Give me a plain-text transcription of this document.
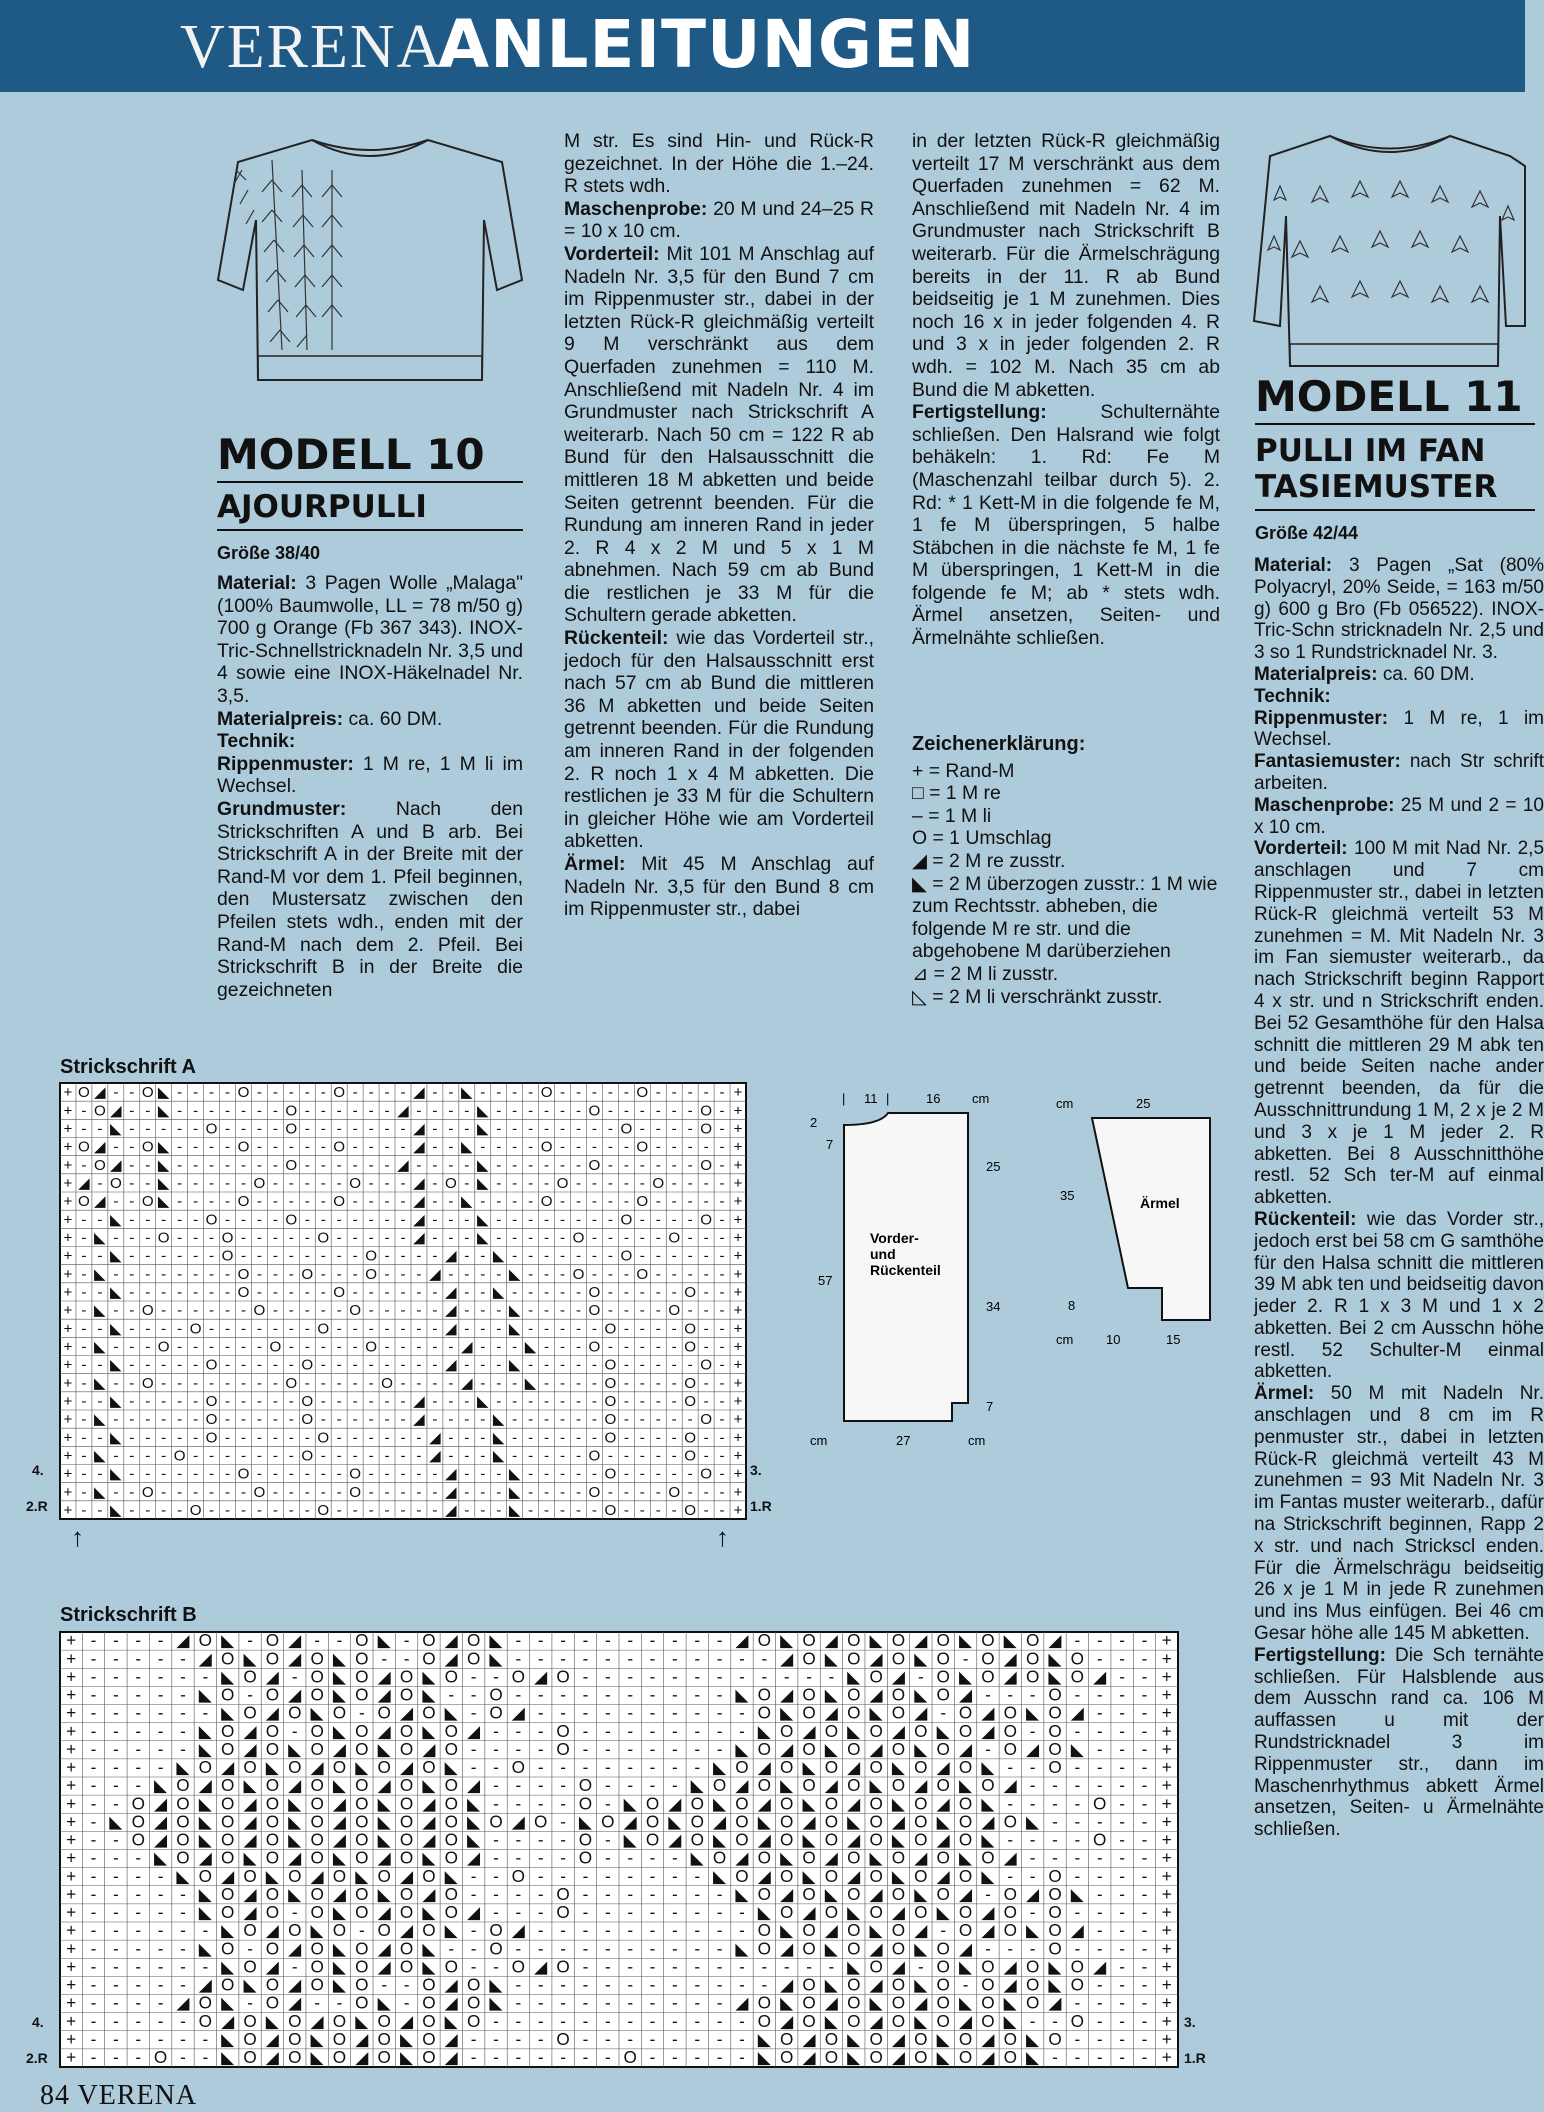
VERENA
ANLEITUNGEN
MODELL 10
AJOURPULLI
Größe 38/40

Material: 3 Pagen Wolle „Malaga" (100% Baumwolle, LL = 78 m/50 g) 700 g Orange (Fb 367 343). INOX-Tric-Schnellstricknadeln Nr. 3,5 und 4 sowie eine INOX-Häkelnadel Nr. 3,5.

Materialpreis: ca. 60 DM.

Technik:

Rippenmuster: 1 M re, 1 M li im Wechsel.

Grundmuster:	Nach den Strickschriften A und B arb. Bei Strickschrift A in der Breite mit der Rand-M vor dem 1. Pfeil beginnen, den Mustersatz zwischen den Pfeilen stets wdh., enden mit der Rand-M nach dem 2. Pfeil. Bei Strickschrift B in der Breite die gezeichneten

M str. Es sind Hin- und Rück-R gezeichnet. In der Höhe die 1.–24. R stets wdh.

Maschenprobe: 20 M und 24–25 R = 10 x 10 cm.

Vorderteil: Mit 101 M Anschlag auf Nadeln Nr. 3,5 für den Bund 7 cm im Rippenmuster str., dabei in der letzten Rück-R gleichmäßig verteilt 9 M verschränkt aus dem Querfaden zunehmen = 110 M. Anschließend mit Nadeln Nr. 4 im Grundmuster nach Strickschrift A weiterarb. Nach 50 cm = 122 R ab Bund für den Halsausschnitt die mittleren 18 M abketten und beide Seiten getrennt beenden. Für die Rundung am inneren Rand in jeder 2. R 4 x 2 M und 5 x 1 M abnehmen. Nach 59 cm ab Bund die restlichen je 33 M für die Schultern gerade abketten.

Rückenteil: wie das Vorderteil str., jedoch für den Halsausschnitt erst nach 57 cm ab Bund die mittleren 36 M abketten und beide Seiten getrennt beenden. Für die Rundung am inneren Rand in der folgenden 2. R noch 1 x 4 M abketten. Die restlichen je 33 M für die Schultern in gleicher Höhe wie am Vorderteil abketten.

Ärmel: Mit 45 M Anschlag auf Nadeln Nr. 3,5 für den Bund 8 cm im Rippenmuster str., dabei

in der letzten Rück-R gleichmäßig verteilt 17 M verschränkt aus dem Querfaden zunehmen = 62 M. Anschließend mit Nadeln Nr. 4 im Grundmuster nach Strickschrift B weiterarb. Für die Ärmelschrägung bereits in der 11. R ab Bund beidseitig je 1 M zunehmen. Dies noch 16 x in jeder folgenden 4. R und 3 x in jeder folgenden 2. R wdh. = 102 M. Nach 35 cm ab Bund die M abketten.

Fertigstellung:	Schulternähte schließen. Den Halsrand wie folgt behäkeln: 1. Rd: Fe M (Maschenzahl teilbar durch 5). 2. Rd: * 1 Kett-M in die folgende fe M, 1 fe M überspringen, 5 halbe Stäbchen in die nächste fe M, 1 fe M überspringen, 1 Kett-M in die folgende fe M; ab * stets wdh. Ärmel ansetzen, Seiten- und Ärmelnähte schließen.

Zeichenerklärung:
+ = Rand-M
□ = 1 M re
– = 1 M li
O = 1 Umschlag
◢ = 2 M re zusstr.
◣ = 2 M überzogen zusstr.: 1 M wie zum Rechtsstr. abheben, die folgende M re str. und die abgehobene M darüberziehen
⊿ = 2 M li zusstr.
◺ = 2 M li verschränkt zusstr.
MODELL 11
PULLI IM FAN
TASIEMUSTER
Größe 42/44

Material: 3 Pagen „Sat (80% Polyacryl, 20% Seide, = 163 m/50 g) 600 g Bro (Fb 056522). INOX-Tric-Schn stricknadeln Nr. 2,5 und 3 so 1 Rundstricknadel Nr. 3.

Materialpreis: ca. 60 DM.

Technik:

Rippenmuster: 1 M re, 1 im Wechsel.

Fantasiemuster: nach Str schrift arbeiten.

Maschenprobe: 25 M und 2 = 10 x 10 cm.

Vorderteil: 100 M mit Nad Nr. 2,5 anschlagen und 7 cm Rippenmuster str., dabei in letzten Rück-R gleichmä verteilt 53 M zunehmen = M. Mit Nadeln Nr. 3 im Fan siemuster weiterarb., da nach Strickschrift beginn Rapport 4 x str. und n Strickschrift enden. Bei 52 Gesamthöhe für den Halsa schnitt die mittleren 29 M abk ten und beide Seiten nache ander getrennt beenden, da für die Ausschnittrundung 1 M, 2 x je 2 M und 3 x je 1 M jeder 2. R abketten. Bei 8 Ausschnitthöhe restl. 52 Sch ter-M auf einmal abketten.

Rückenteil: wie das Vorder str., jedoch erst bei 58 cm G samthöhe für den Halsa schnitt die mittleren 39 M abk ten und beidseitig davon jeder 2. R 1 x 3 M und 1 x 2 abketten. Bei 2 cm Ausschn höhe restl. 52 Schulter-M einmal abketten.

Ärmel: 50 M mit Nadeln Nr. anschlagen und 8 cm im R penmuster str., dabei in letzten Rück-R gleichmä verteilt 43 M zunehmen = 93 Mit Nadeln Nr. 3 im Fantas muster weiterarb., dafür na Strickschrift beginnen, Rapp 2 x str. und nach Strickscl enden. Für die Ärmelschrägu beidseitig 26 x je 1 M in jede R zunehmen und ins Mus einfügen. Bei 46 cm Gesar höhe alle 145 M abketten.

Fertigstellung: Die Sch ternähte schließen. Für Halsblende aus dem Ausschn rand ca. 106 M auffassen u mit der Rundstricknadel 3 im Rippenmuster str., dann im Maschenrhythmus abkett Ärmel ansetzen, Seiten- u Ärmelnähte schließen.

Strickschrift A
+ O ◢ - - O ◣ - - - - O - - - - - O - - - - ◢ - - ◣ - - - - O - - - - - O - - - - - +
+ - O ◢ - - ◣ - - - - - - - O - - - - - - ◢ - - - - ◣ - - - - - - O - - - - - - O - +
+ - - ◣ - - - - - O - - - - O - - - - - - - ◢ - - - ◣ - - - - - - - - O - - - - O - +
+ O ◢ - - O ◣ - - - - O - - - - - O - - - - ◢ - - ◣ - - - - O - - - - - O - - - - - +
+ - O ◢ - - ◣ - - - - - - - O - - - - - - ◢ - - - - ◣ - - - - - - O - - - - - - O - +
+ ◢ - O - - ◣ - - - - - O - - - - - O - - - ◢ - O - ◣ - - - - O - - - - - O - - - - +
+ O ◢ - - O ◣ - - - - O - - - - - O - - - - ◢ - - ◣ - - - - O - - - - - O - - - - - +
+ - - ◣ - - - - - O - - - - O - - - - - - - ◢ - - - ◣ - - - - - - - - O - - - - O - +
+ - ◣ - - - O - - - O - - - - - O - - - - - ◢ - - - ◣ - - - - - O - - - - - O - - - +
+ - - ◣ - - - - - - O - - - - - - - - O - - - - ◢ - - ◣ - - - - - - - O - - - - - - +
+ - ◣ - - - - - - - - O - - - O - - - O - - - ◢ - - - - ◣ - - - O - - - O - - - - - +
+ - - ◣ - - - - - - - O - - - - - O - - - - - - ◢ - - ◣ - - - - - O - - - - - O - - +
+ - ◣ - - O - - - - - - O - - - - - O - - - - - ◢ - - - ◣ - - - - O - - - - O - - - +
+ - - ◣ - - - - O - - - - - - - O - - - - - - - ◢ - - - ◣ - - - - - O - - - - O - - +
+ - ◣ - - - O - - - - - - O - - - - - O - - - - - ◢ - - - ◣ - - - O - - - - - O - - +
+ - - ◣ - - - - - O - - - - - O - - - - - - - - ◢ - - - ◣ - - - - - O - - - - - O - +
+ - ◣ - - O - - - - - - - - O - - - - - O - - - - ◢ - - - ◣ - - - - O - - - - O - - +
+ - - ◣ - - - - - O - - - - - O - - - - - - ◢ - - - ◣ - - - - - - - O - - - - O - - +
+ - ◣ - - - - - - O - - - - - O - - - - - - ◢ - - - - ◣ - - - - - - O - - - - - O - +
+ - - ◣ - - - - - O - - - - - - O - - - - - - ◢ - - - ◣ - - - - - - O - - - - O - - +
+ - ◣ - - - - O - - - - - - - O - - - - - - - ◢ - - - ◣ - - - - - O - - - - - O - - +
+ - - ◣ - - - - - - - O - - - - - - O - - - - - ◢ - - - ◣ - - - - - O - - - - - O - +
+ - ◣ - - O - - - - - - O - - - - - O - - - - - ◢ - - - ◣ - - - - O - - - - O - - - +
+ - - ◣ - - - - O - - - - - - - O - - - - - - - ◢ - - - ◣ - - - - - O - - - - O - - +
4.
2.R
3.
1.R
↑	↑
| 11 |	16 cm
2
7
57
25
34
7
Vorder-
und
Rückenteil
cm	27	cm
cm	25
35
8
Ärmel
cm	10	15
Strickschrift B
+ - - - - ◢ O ◣ - O ◢ - - O ◣ - O ◢ O ◣ - - - - - - - - - - ◢ O ◣ O ◢ O ◣ O ◢ O ◣ O ◣ O ◢ - - - - +
+ - - - - - ◢ O ◣ O ◢ O ◣ O - - O ◢ O ◣ - - - - - - - - - - - - ◢ O ◣ O ◢ O ◣ O - O ◢ O ◣ O - - - +
+ - - - - - - ◣ O ◢ - O ◣ O ◢ O ◣ O - - O ◢ O - - - - - - - - - - - - ◣ O ◢ - O ◣ O ◢ O ◣ O ◢ - - +
+ - - - - - ◣ O - O ◢ O ◣ O ◢ O ◣ - - O - - - - - - - - - - ◣ O ◢ O ◣ O ◢ O ◣ O ◢ - - - O - - - - +
+ - - - - - - ◣ O ◢ O ◣ O - O ◢ O ◣ - O ◢ - - - - - - - - - - O ◣ O ◢ O ◣ O ◢ - O ◢ O ◣ O ◢ - - - +
+ - - - - - ◣ O ◢ O - O ◣ O ◢ O ◣ O ◢ - - - O - - - - - - - - ◣ O ◢ O ◣ O ◢ O ◣ O ◢ O - O - - - - +
+ - - - - - ◣ O ◢ O ◣ O ◢ O ◣ O ◢ O - - - - O - - - - - - - ◣ O ◢ O ◣ O ◢ O ◣ O ◢ - O ◢ O ◣ - - - +
+ - - - - ◣ O ◢ O ◣ O ◢ O ◣ O ◢ O ◣ - - O - - - - - - - - ◣ O ◢ O ◣ O ◢ O ◣ O ◢ O ◣ - - O - - - - +
+ - - - ◣ O ◢ O ◣ O ◢ O ◣ O ◢ O ◣ O ◢ - - - - O - - - - ◣ O ◢ O ◣ O ◢ O ◣ O ◢ O ◣ O ◢ - - - - - - +
+ - - O ◢ O ◣ O ◢ O ◣ O ◢ O ◣ O ◢ O ◣ - - - - O - ◣ O ◢ O ◣ O ◢ O ◣ O ◢ O ◣ O ◢ O ◣ - - - - O - - +
+ - ◣ O ◢ O ◣ O ◢ O ◣ O ◢ O ◣ O ◢ O ◣ O ◢ O - ◣ O ◢ O ◣ O ◢ O ◣ O ◢ O ◣ O ◢ O ◣ O ◢ O ◣ - - - - - +
+ - - O ◢ O ◣ O ◢ O ◣ O ◢ O ◣ O ◢ O ◣ - - - - O - ◣ O ◢ O ◣ O ◢ O ◣ O ◢ O ◣ O ◢ O ◣ - - - - O - - +
+ - - - ◣ O ◢ O ◣ O ◢ O ◣ O ◢ O ◣ O ◢ - - - - O - - - - ◣ O ◢ O ◣ O ◢ O ◣ O ◢ O ◣ O ◢ - - - - - - +
+ - - - - ◣ O ◢ O ◣ O ◢ O ◣ O ◢ O ◣ - - O - - - - - - - - ◣ O ◢ O ◣ O ◢ O ◣ O ◢ O ◣ - - O - - - - +
+ - - - - - ◣ O ◢ O ◣ O ◢ O ◣ O ◢ O - - - - O - - - - - - - ◣ O ◢ O ◣ O ◢ O ◣ O ◢ - O ◢ O ◣ - - - +
+ - - - - - ◣ O ◢ O - O ◣ O ◢ O ◣ O ◢ - - - O - - - - - - - - ◣ O ◢ O ◣ O ◢ O ◣ O ◢ O - O - - - - +
+ - - - - - - ◣ O ◢ O ◣ O - O ◢ O ◣ - O ◢ - - - - - - - - - - O ◣ O ◢ O ◣ O ◢ - O ◢ O ◣ O ◢ - - - +
+ - - - - - ◣ O - O ◢ O ◣ O ◢ O ◣ - - O - - - - - - - - - - ◣ O ◢ O ◣ O ◢ O ◣ O ◢ - - - O - - - - +
+ - - - - - - ◣ O ◢ - O ◣ O ◢ O ◣ O - - O ◢ O - - - - - - - - - - - - ◣ O ◢ - O ◣ O ◢ O ◣ O ◢ - - +
+ - - - - - ◢ O ◣ O ◢ O ◣ O - - O ◢ O ◣ - - - - - - - - - - - - ◢ O ◣ O ◢ O ◣ O - O ◢ O ◣ O - - - +
+ - - - - ◢ O ◣ - O ◢ - - O ◣ - O ◢ O ◣ - - - - - - - - - - ◢ O ◣ O ◢ O ◣ O ◢ O ◣ O ◣ O ◢ - - - - +
+ - - - - - O ◢ O ◣ O ◢ O ◣ O ◢ O ◣ O - - - - - - - - - - - - O ◢ O ◣ O ◢ O ◣ O ◢ O ◣ - - O - - - +
+ - - - - - - ◣ O ◢ O ◣ O ◢ O ◣ O ◢ - - - - O - - - - - - - - ◣ O ◢ O ◣ O ◢ O ◣ O ◢ O ◣ O - - - - +
+ - - - O - - ◣ O ◢ O ◣ O ◢ O ◣ O ◢ - - - - - - - O - - - - - ◣ O ◢ O ◣ O ◢ O ◣ O ◢ O ◣ - - - - - +
4.
2.R
3.
1.R
84 VERENA
